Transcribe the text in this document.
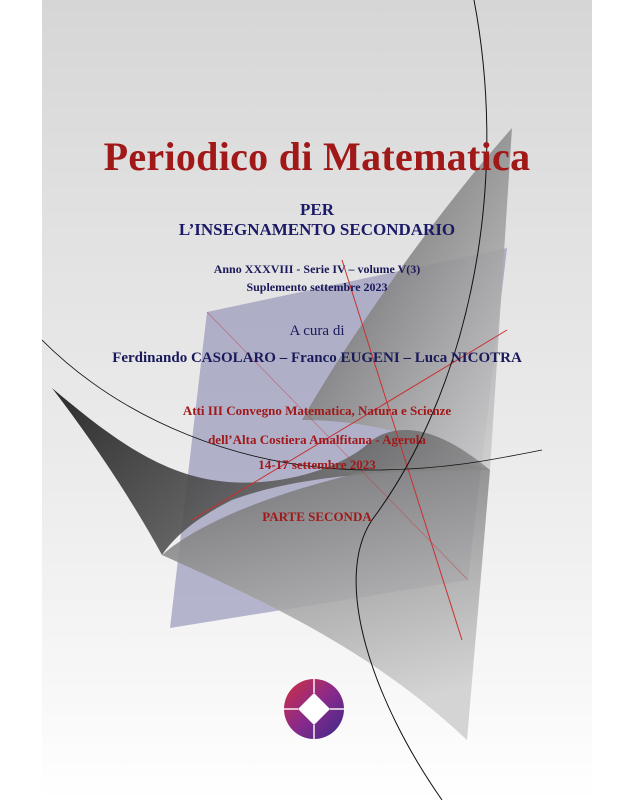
Periodico di Matematica

PER

L’INSEGNAMENTO SECONDARIO

Anno XXXVIII - Serie IV – volume V(3)

Suplemento settembre 2023

A cura di

Ferdinando CASOLARO – Franco EUGENI – Luca NICOTRA

Atti III Convegno Matematica, Natura e Scienze

dell’Alta Costiera Amalfitana - Agerola

14-17 settembre 2023

PARTE SECONDA
